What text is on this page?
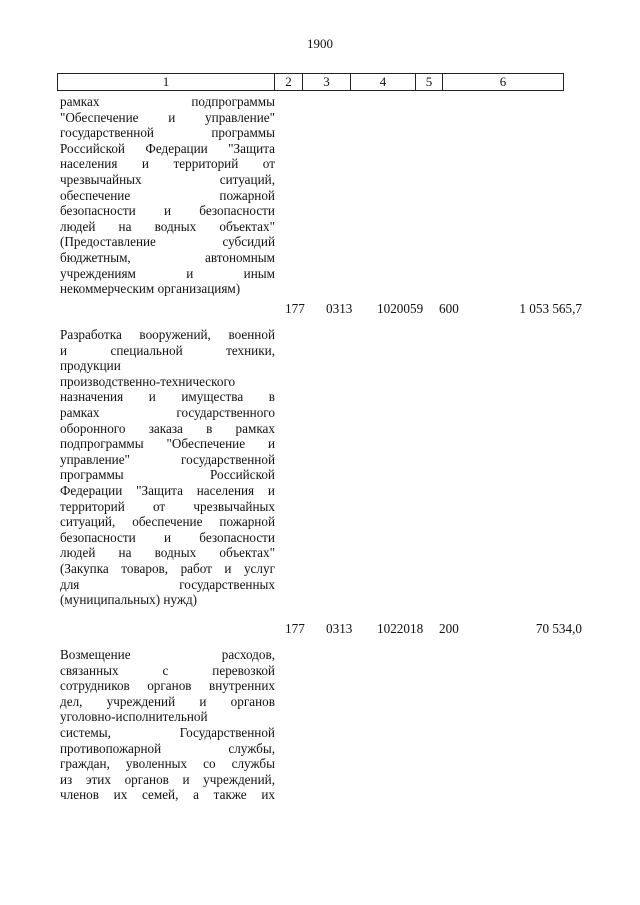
1900
1	2	3	4	5	6

рамках подпрограммы

"Обеспечение и управление"

государственной программы

Российской Федерации "Защита

населения и территорий от

чрезвычайных ситуаций,

обеспечение пожарной

безопасности и безопасности

людей на водных объектах"

(Предоставление субсидий

бюджетным, автономным

учреждениям и иным

некоммерческим организациям)

177 0313 1020059 600	1 053 565,7

Разработка вооружений, военной

и специальной техники,

продукции

производственно-технического

назначения и имущества в

рамках государственного

оборонного заказа в рамках

подпрограммы "Обеспечение и

управление" государственной

программы Российской

Федерации "Защита населения и

территорий от чрезвычайных

ситуаций, обеспечение пожарной

безопасности и безопасности

людей на водных объектах"

(Закупка товаров, работ и услуг

для государственных

(муниципальных) нужд)

177 0313 1022018 200	70 534,0

Возмещение расходов,

связанных с перевозкой

сотрудников органов внутренних

дел, учреждений и органов

уголовно-исполнительной

системы, Государственной

противопожарной службы,

граждан, уволенных со службы

из этих органов и учреждений,

членов их семей, а также их
